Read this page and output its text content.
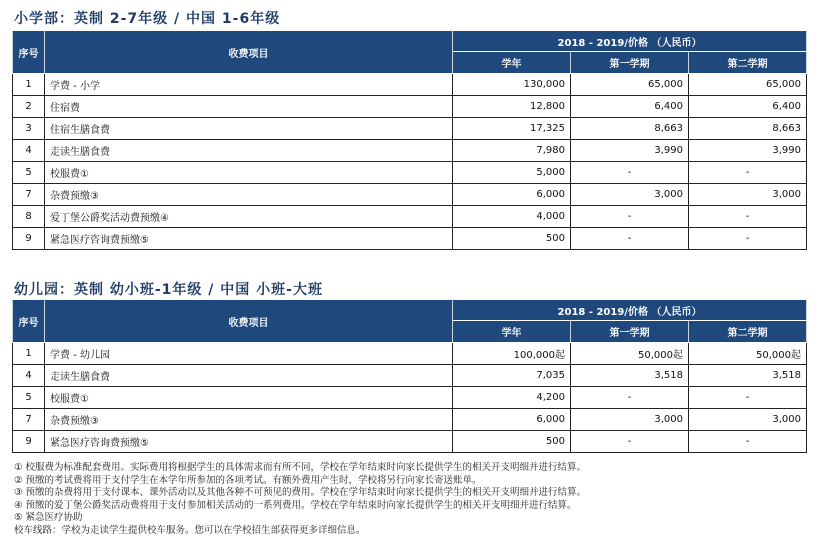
小学部：英制 2-7年级 / 中国 1-6年级
序号	收费项目	2018 - 2019/价格 （人民币）		
		学年	第一学期	第二学期
1	学费 - 小学	130,000	65,000	65,000
2	住宿费	12,800	6,400	6,400
3	住宿生膳食费	17,325	8,663	8,663
4	走读生膳食费	7,980	3,990	3,990
5	校服费①	5,000	-	-
7	杂费预缴③	6,000	3,000	3,000
8	爱丁堡公爵奖活动费预缴④	4,000	-	-
9	紧急医疗咨询费预缴⑤	500	-	-
幼儿园：英制 幼小班-1年级 / 中国 小班-大班
序号	收费项目	2018 - 2019/价格 （人民币）		
		学年	第一学期	第二学期
1	学费 - 幼儿园	100,000起	50,000起	50,000起
4	走读生膳食费	7,035	3,518	3,518
5	校服费①	4,200	-	-
7	杂费预缴③	6,000	3,000	3,000
9	紧急医疗咨询费预缴⑤	500	-	-
① 校服费为标准配套费用。实际费用将根据学生的具体需求而有所不同，学校在学年结束时向家长提供学生的相关开支明细并进行结算。
② 预缴的考试费将用于支付学生在本学年所参加的各项考试。有额外费用产生时，学校将另行向家长寄送账单。
③ 预缴的杂费将用于支付课本、课外活动以及其他各种不可预见的费用。学校在学年结束时向家长提供学生的相关开支明细并进行结算。
④ 预缴的爱丁堡公爵奖活动费将用于支付参加相关活动的一系列费用。学校在学年结束时向家长提供学生的相关开支明细并进行结算。
⑤ 紧急医疗协助
校车线路：学校为走读学生提供校车服务。您可以在学校招生部获得更多详细信息。
